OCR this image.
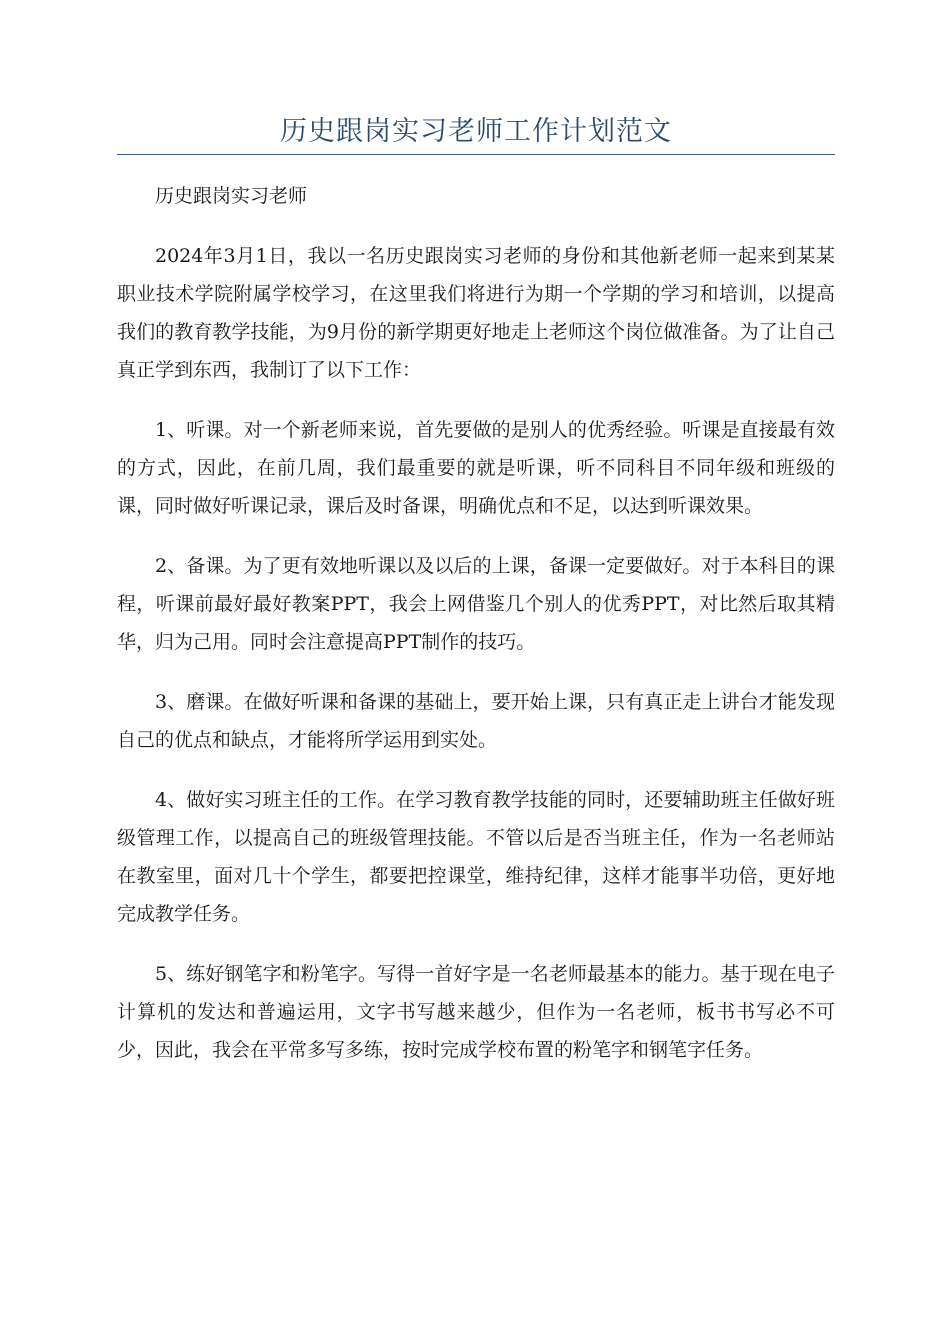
历史跟岗实习老师工作计划范文

历史跟岗实习老师

2024年3月1日，我以一名历史跟岗实习老师的身份和其他新老师一起来到某某职业技术学院附属学校学习，在这里我们将进行为期一个学期的学习和培训，以提高我们的教育教学技能，为9月份的新学期更好地走上老师这个岗位做准备。为了让自己真正学到东西，我制订了以下工作：

1、听课。对一个新老师来说，首先要做的是别人的优秀经验。听课是直接最有效的方式，因此，在前几周，我们最重要的就是听课，听不同科目不同年级和班级的课，同时做好听课记录，课后及时备课，明确优点和不足，以达到听课效果。

2、备课。为了更有效地听课以及以后的上课，备课一定要做好。对于本科目的课程，听课前最好最好教案PPT，我会上网借鉴几个别人的优秀PPT，对比然后取其精华，归为己用。同时会注意提高PPT制作的技巧。

3、磨课。在做好听课和备课的基础上，要开始上课，只有真正走上讲台才能发现自己的优点和缺点，才能将所学运用到实处。

4、做好实习班主任的工作。在学习教育教学技能的同时，还要辅助班主任做好班级管理工作，以提高自己的班级管理技能。不管以后是否当班主任，作为一名老师站在教室里，面对几十个学生，都要把控课堂，维持纪律，这样才能事半功倍，更好地完成教学任务。

5、练好钢笔字和粉笔字。写得一首好字是一名老师最基本的能力。基于现在电子计算机的发达和普遍运用，文字书写越来越少，但作为一名老师，板书书写必不可少，因此，我会在平常多写多练，按时完成学校布置的粉笔字和钢笔字任务。
